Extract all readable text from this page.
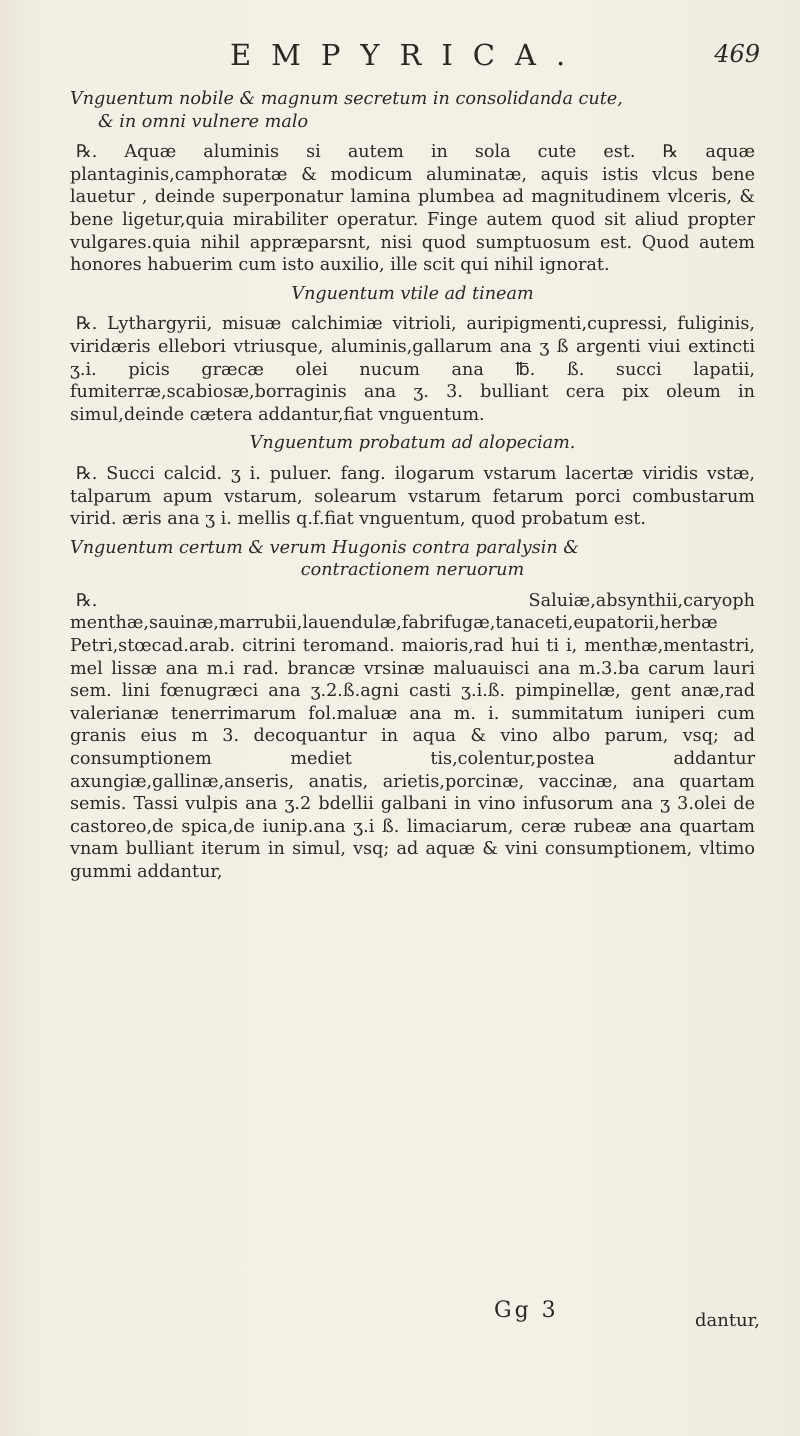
EMPYRICA.	469
Vnguentum nobile & magnum secretum in consolidanda cute,
& in omni vulnere malo

℞. Aquæ aluminis si autem in sola cute est. ℞ aquæ plantaginis,camphoratæ & modicum aluminatæ, aquis istis vlcus bene lauetur , deinde superponatur lamina plumbea ad magnitudinem vlceris, & bene ligetur,quia mirabiliter operatur. Finge autem quod sit aliud propter vulgares.quia nihil appræparsnt, nisi quod sumptuosum est. Quod autem honores habuerim cum isto auxilio, ille scit qui nihil ignorat.

Vnguentum vtile ad tineam

℞. Lythargyrii, misuæ calchimiæ vitrioli, auripigmenti,cupressi, fuliginis, viridæris ellebori vtriusque, aluminis,gallarum ana ʒ ß argenti viui extincti ʒ.i. picis græcæ olei nucum ana ℔. ß. succi lapatii, fumiterræ,scabiosæ,borraginis ana ʒ. 3. bulliant cera pix oleum in simul,deinde cætera addantur,fiat vnguentum.

Vnguentum probatum ad alopeciam.

℞. Succi calcid. ʒ i. puluer. fang. ilogarum vstarum lacertæ viridis vstæ, talparum apum vstarum, solearum vstarum fetarum porci combustarum virid. æris ana ʒ i. mellis q.f.fiat vnguentum, quod probatum est.

Vnguentum certum & verum Hugonis contra paralysin &
contractionem neruorum

℞. Saluiæ,absynthii,caryoph menthæ,sauinæ,marrubii,lauendulæ,fabrifugæ,tanaceti,eupatorii,herbæ Petri,stœcad.arab. citrini teromand. maioris,rad hui ti i, menthæ,mentastri, mel lissæ ana m.i rad. brancæ vrsinæ maluauisci ana m.3.ba carum lauri sem. lini fœnugræci ana ʒ.2.ß.agni casti ʒ.i.ß. pimpinellæ, gent anæ,rad valerianæ tenerrimarum fol.maluæ ana m. i. summitatum iuniperi cum granis eius m 3. decoquantur in aqua & vino albo parum, vsq; ad consumptionem mediet tis,colentur,postea addantur axungiæ,gallinæ,anseris, anatis, arietis,porcinæ, vaccinæ, ana quartam semis. Tassi vulpis ana ʒ.2 bdellii galbani in vino infusorum ana ʒ 3.olei de castoreo,de spica,de iunip.ana ʒ.i ß. limaciarum, ceræ rubeæ ana quartam vnam bulliant iterum in simul, vsq; ad aquæ & vini consumptionem, vltimo gummi addantur,

Gg 3	dantur,
